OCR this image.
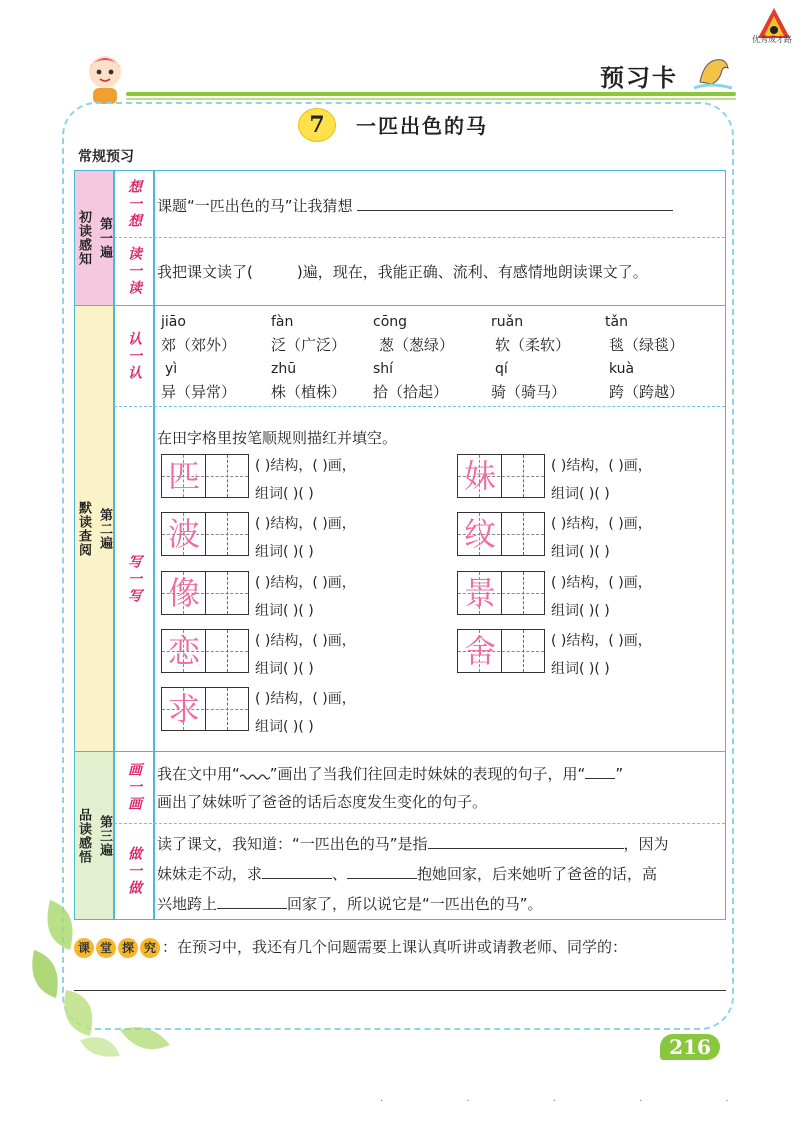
优秀成才路
预习卡
7	一匹出色的马
常规预习
第一遍
初读感知
第二遍
默读查阅
第三遍
品读感悟
想一想
读一读
认一认
写一写
画一画
做一做
课题“一匹出色的马”让我猜想
我把课文读了(	)遍，现在，我能正确、流利、有感情地朗读课文了。
jiāo	fàn	cōng	ruǎn	tǎn
郊（郊外） 泛（广泛） 葱（葱绿）	软（柔软）	毯（绿毯）
yì	zhū	shí	qí	kuà
异（异常） 株（植株） 拾（拾起）	骑（骑马）	跨（跨越）
在田字格里按笔顺规则描红并填空。
匹	( )结构，( )画，
组词( )( )
波	( )结构，( )画，
组词( )( )
像	( )结构，( )画，
组词( )( )
恋	( )结构，( )画，
组词( )( )
求	( )结构，( )画，
组词( )( )
妹	( )结构，( )画，
组词( )( )
纹	( )结构，( )画，
组词( )( )
景	( )结构，( )画，
组词( )( )
舍	( )结构，( )画，
组词( )( )
我在文中用“ ”画出了当我们往回走时妹妹的表现的句子，用“ ”
画出了妹妹听了爸爸的话后态度发生变化的句子。
读了课文，我知道：“一匹出色的马”是指	，因为
妹妹走不动，求	、	抱她回家，后来她听了爸爸的话，高
兴地跨上	回家了，所以说它是“一匹出色的马”。
课 堂 探 究 ：在预习中，我还有几个问题需要上课认真听讲或请教老师、同学的：
216
· · · · ·
